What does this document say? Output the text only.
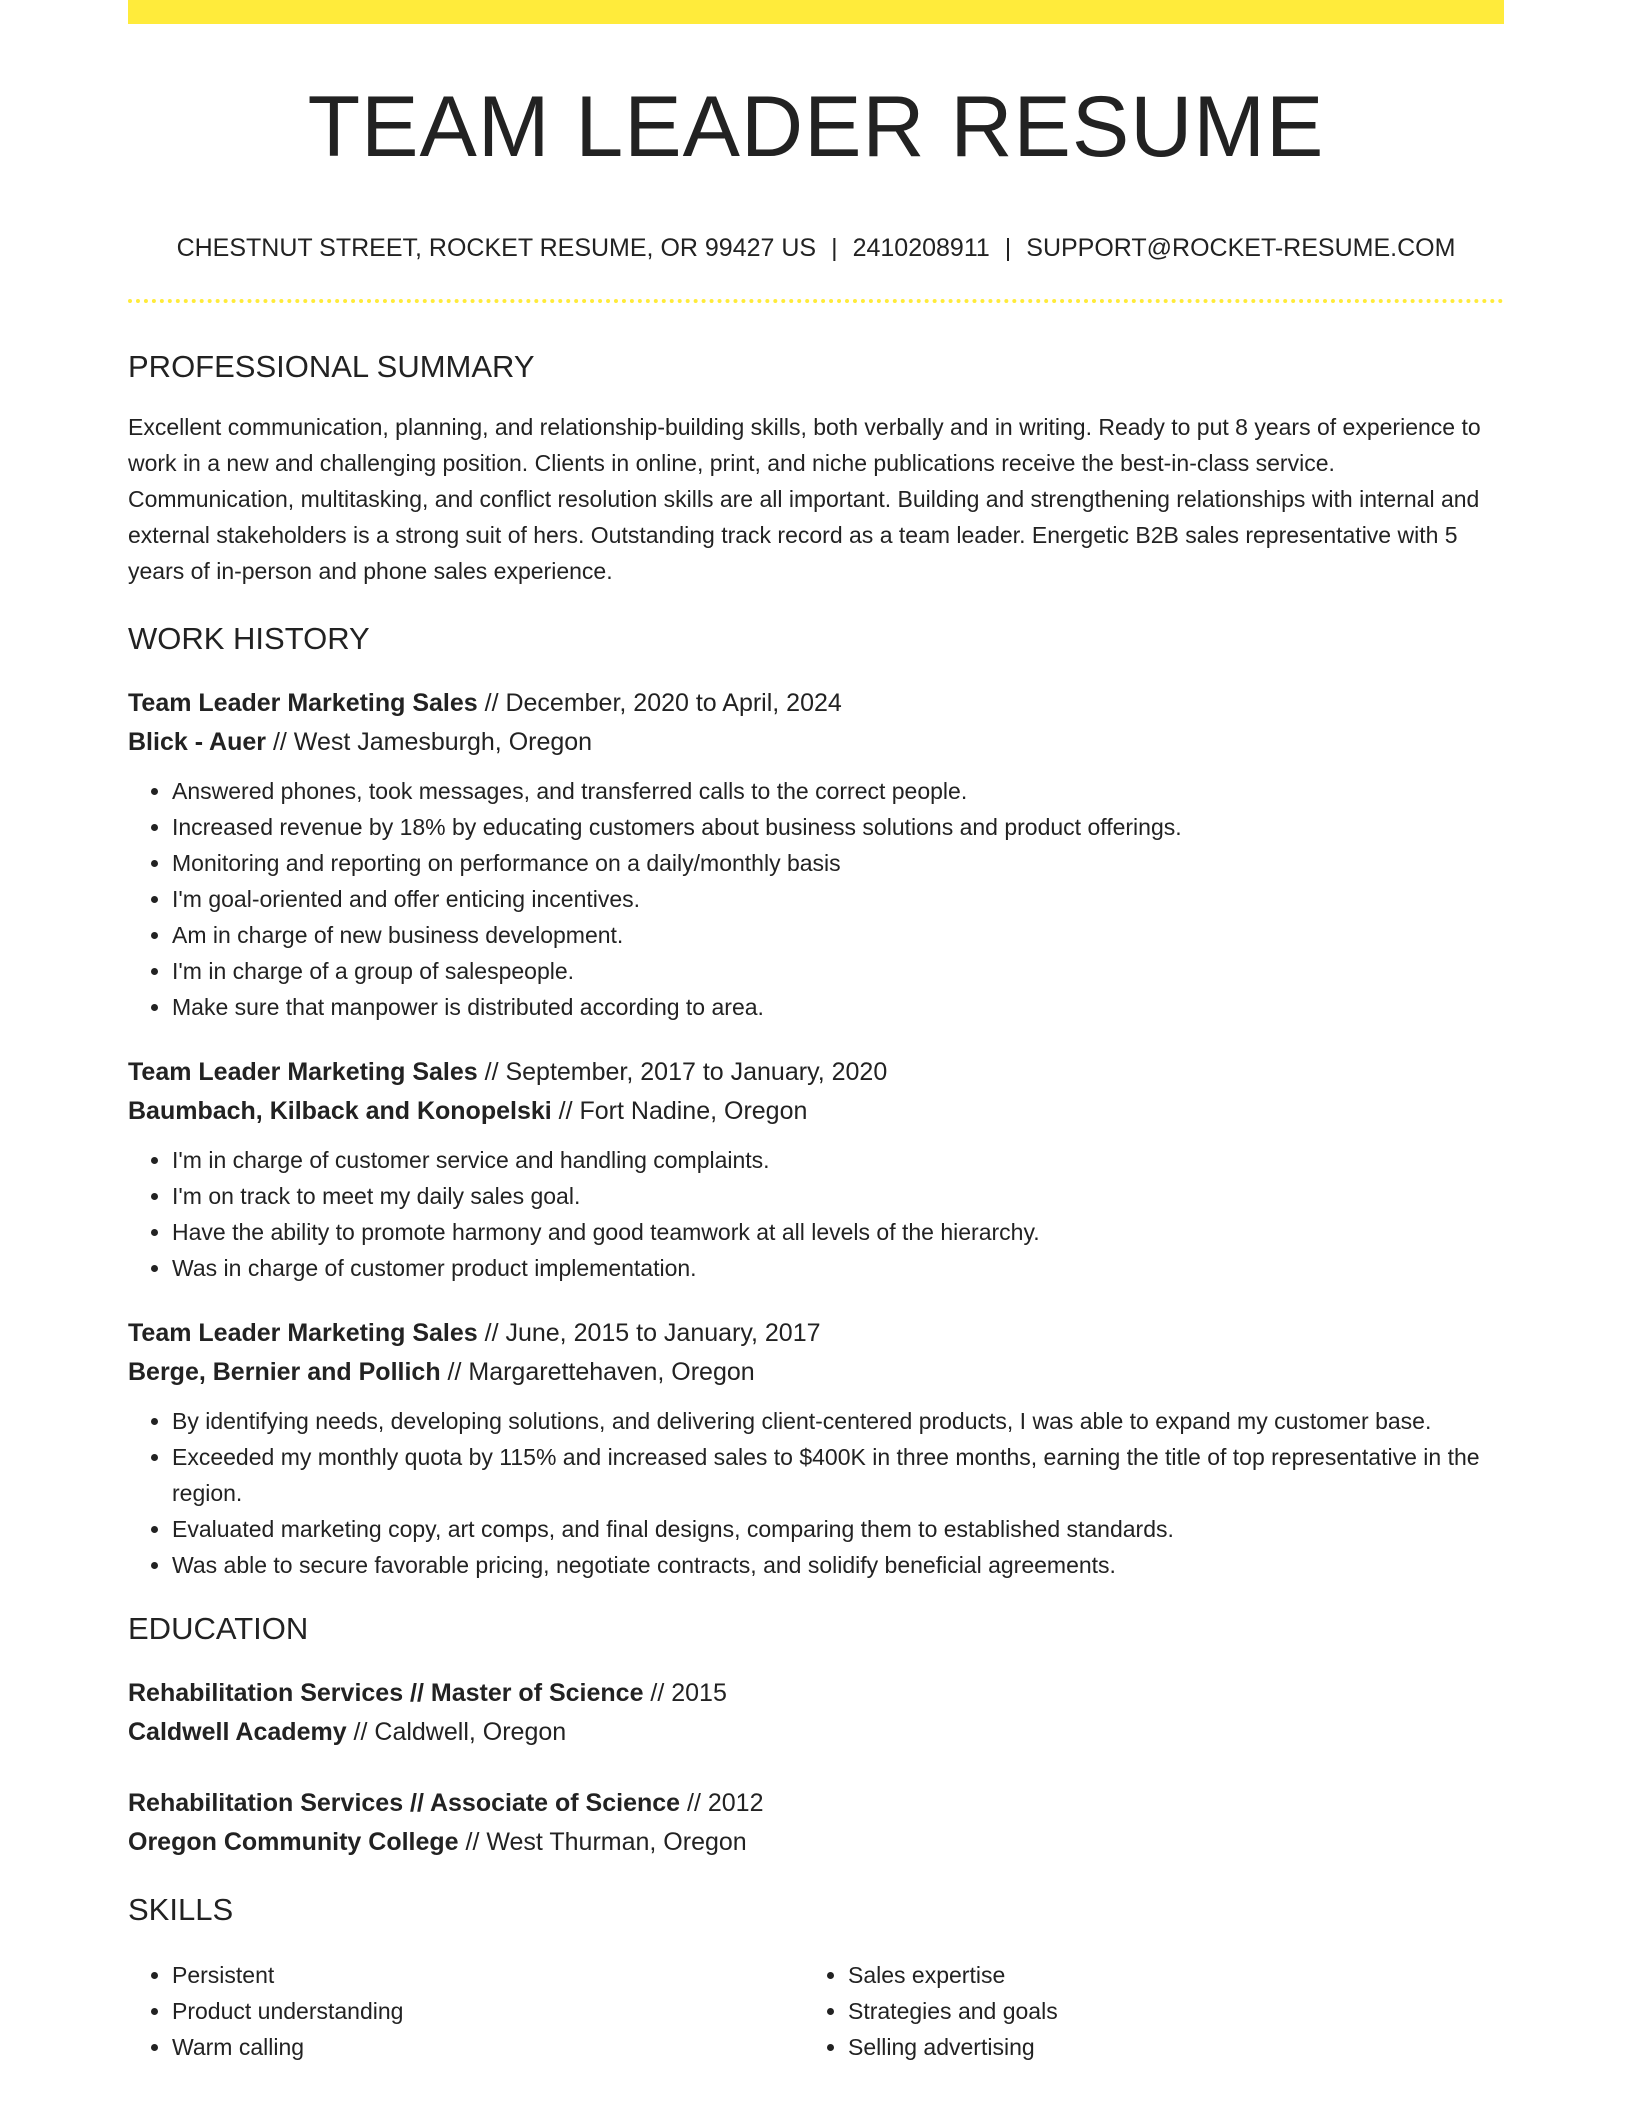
TEAM LEADER RESUME
CHESTNUT STREET, ROCKET RESUME, OR 99427 US | 2410208911 | SUPPORT@ROCKET-RESUME.COM
PROFESSIONAL SUMMARY

Excellent communication, planning, and relationship-building skills, both verbally and in writing. Ready to put 8 years of experience to work in a new and challenging position. Clients in online, print, and niche publications receive the best-in-class service. Communication, multitasking, and conflict resolution skills are all important. Building and strengthening relationships with internal and external stakeholders is a strong suit of hers. Outstanding track record as a team leader. Energetic B2B sales representative with 5 years of in-person and phone sales experience.

WORK HISTORY
Team Leader Marketing Sales // December, 2020 to April, 2024
Blick - Auer // West Jamesburgh, Oregon
• Answered phones, took messages, and transferred calls to the correct people.
• Increased revenue by 18% by educating customers about business solutions and product offerings.
• Monitoring and reporting on performance on a daily/monthly basis
• I'm goal-oriented and offer enticing incentives.
• Am in charge of new business development.
• I'm in charge of a group of salespeople.
• Make sure that manpower is distributed according to area.
Team Leader Marketing Sales // September, 2017 to January, 2020
Baumbach, Kilback and Konopelski // Fort Nadine, Oregon
• I'm in charge of customer service and handling complaints.
• I'm on track to meet my daily sales goal.
• Have the ability to promote harmony and good teamwork at all levels of the hierarchy.
• Was in charge of customer product implementation.
Team Leader Marketing Sales // June, 2015 to January, 2017
Berge, Bernier and Pollich // Margarettehaven, Oregon
• By identifying needs, developing solutions, and delivering client-centered products, I was able to expand my customer base.
• Exceeded my monthly quota by 115% and increased sales to $400K in three months, earning the title of top representative in the region.
• Evaluated marketing copy, art comps, and final designs, comparing them to established standards.
• Was able to secure favorable pricing, negotiate contracts, and solidify beneficial agreements.
EDUCATION
Rehabilitation Services // Master of Science // 2015
Caldwell Academy // Caldwell, Oregon
Rehabilitation Services // Associate of Science // 2012
Oregon Community College // West Thurman, Oregon
SKILLS
• Persistent
• Product understanding
• Warm calling
• Sales expertise
• Strategies and goals
• Selling advertising
